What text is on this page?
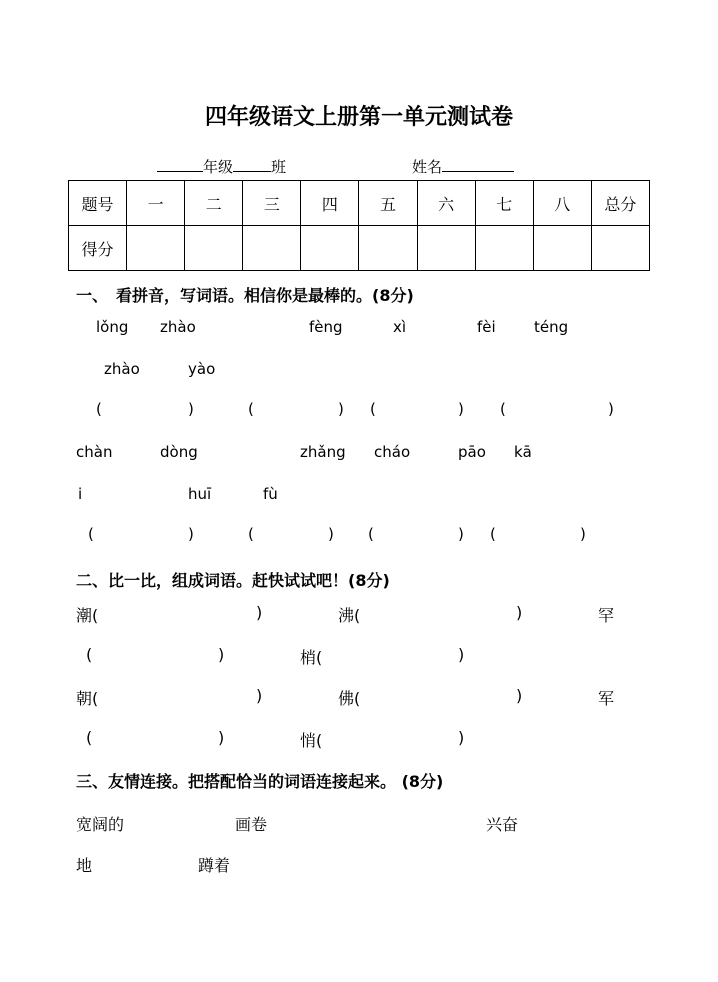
四年级语文上册第一单元测试卷
年级	班	姓名
题号	一	二	三	四	五	六	七	八	总分
得分									
一、　看拼音，写词语。相信你是最棒的。(8分)
lǒng zhào	fèng	xì	fèi	téng
zhào	yào
(	)	(	) (	) (	)
chàn	dòng	zhǎng cháo	pāo kā
i	huī	fù
(	)	(	) (	) (	)
二、比一比，组成词语。赶快试试吧！(8分)
潮(	)	沸(	)	罕
(	)	梢(	)
朝(	)	佛(	)	军
(	)	悄(	)
三、友情连接。把搭配恰当的词语连接起来。 (8分)
宽阔的	画卷	兴奋
地	蹲着
